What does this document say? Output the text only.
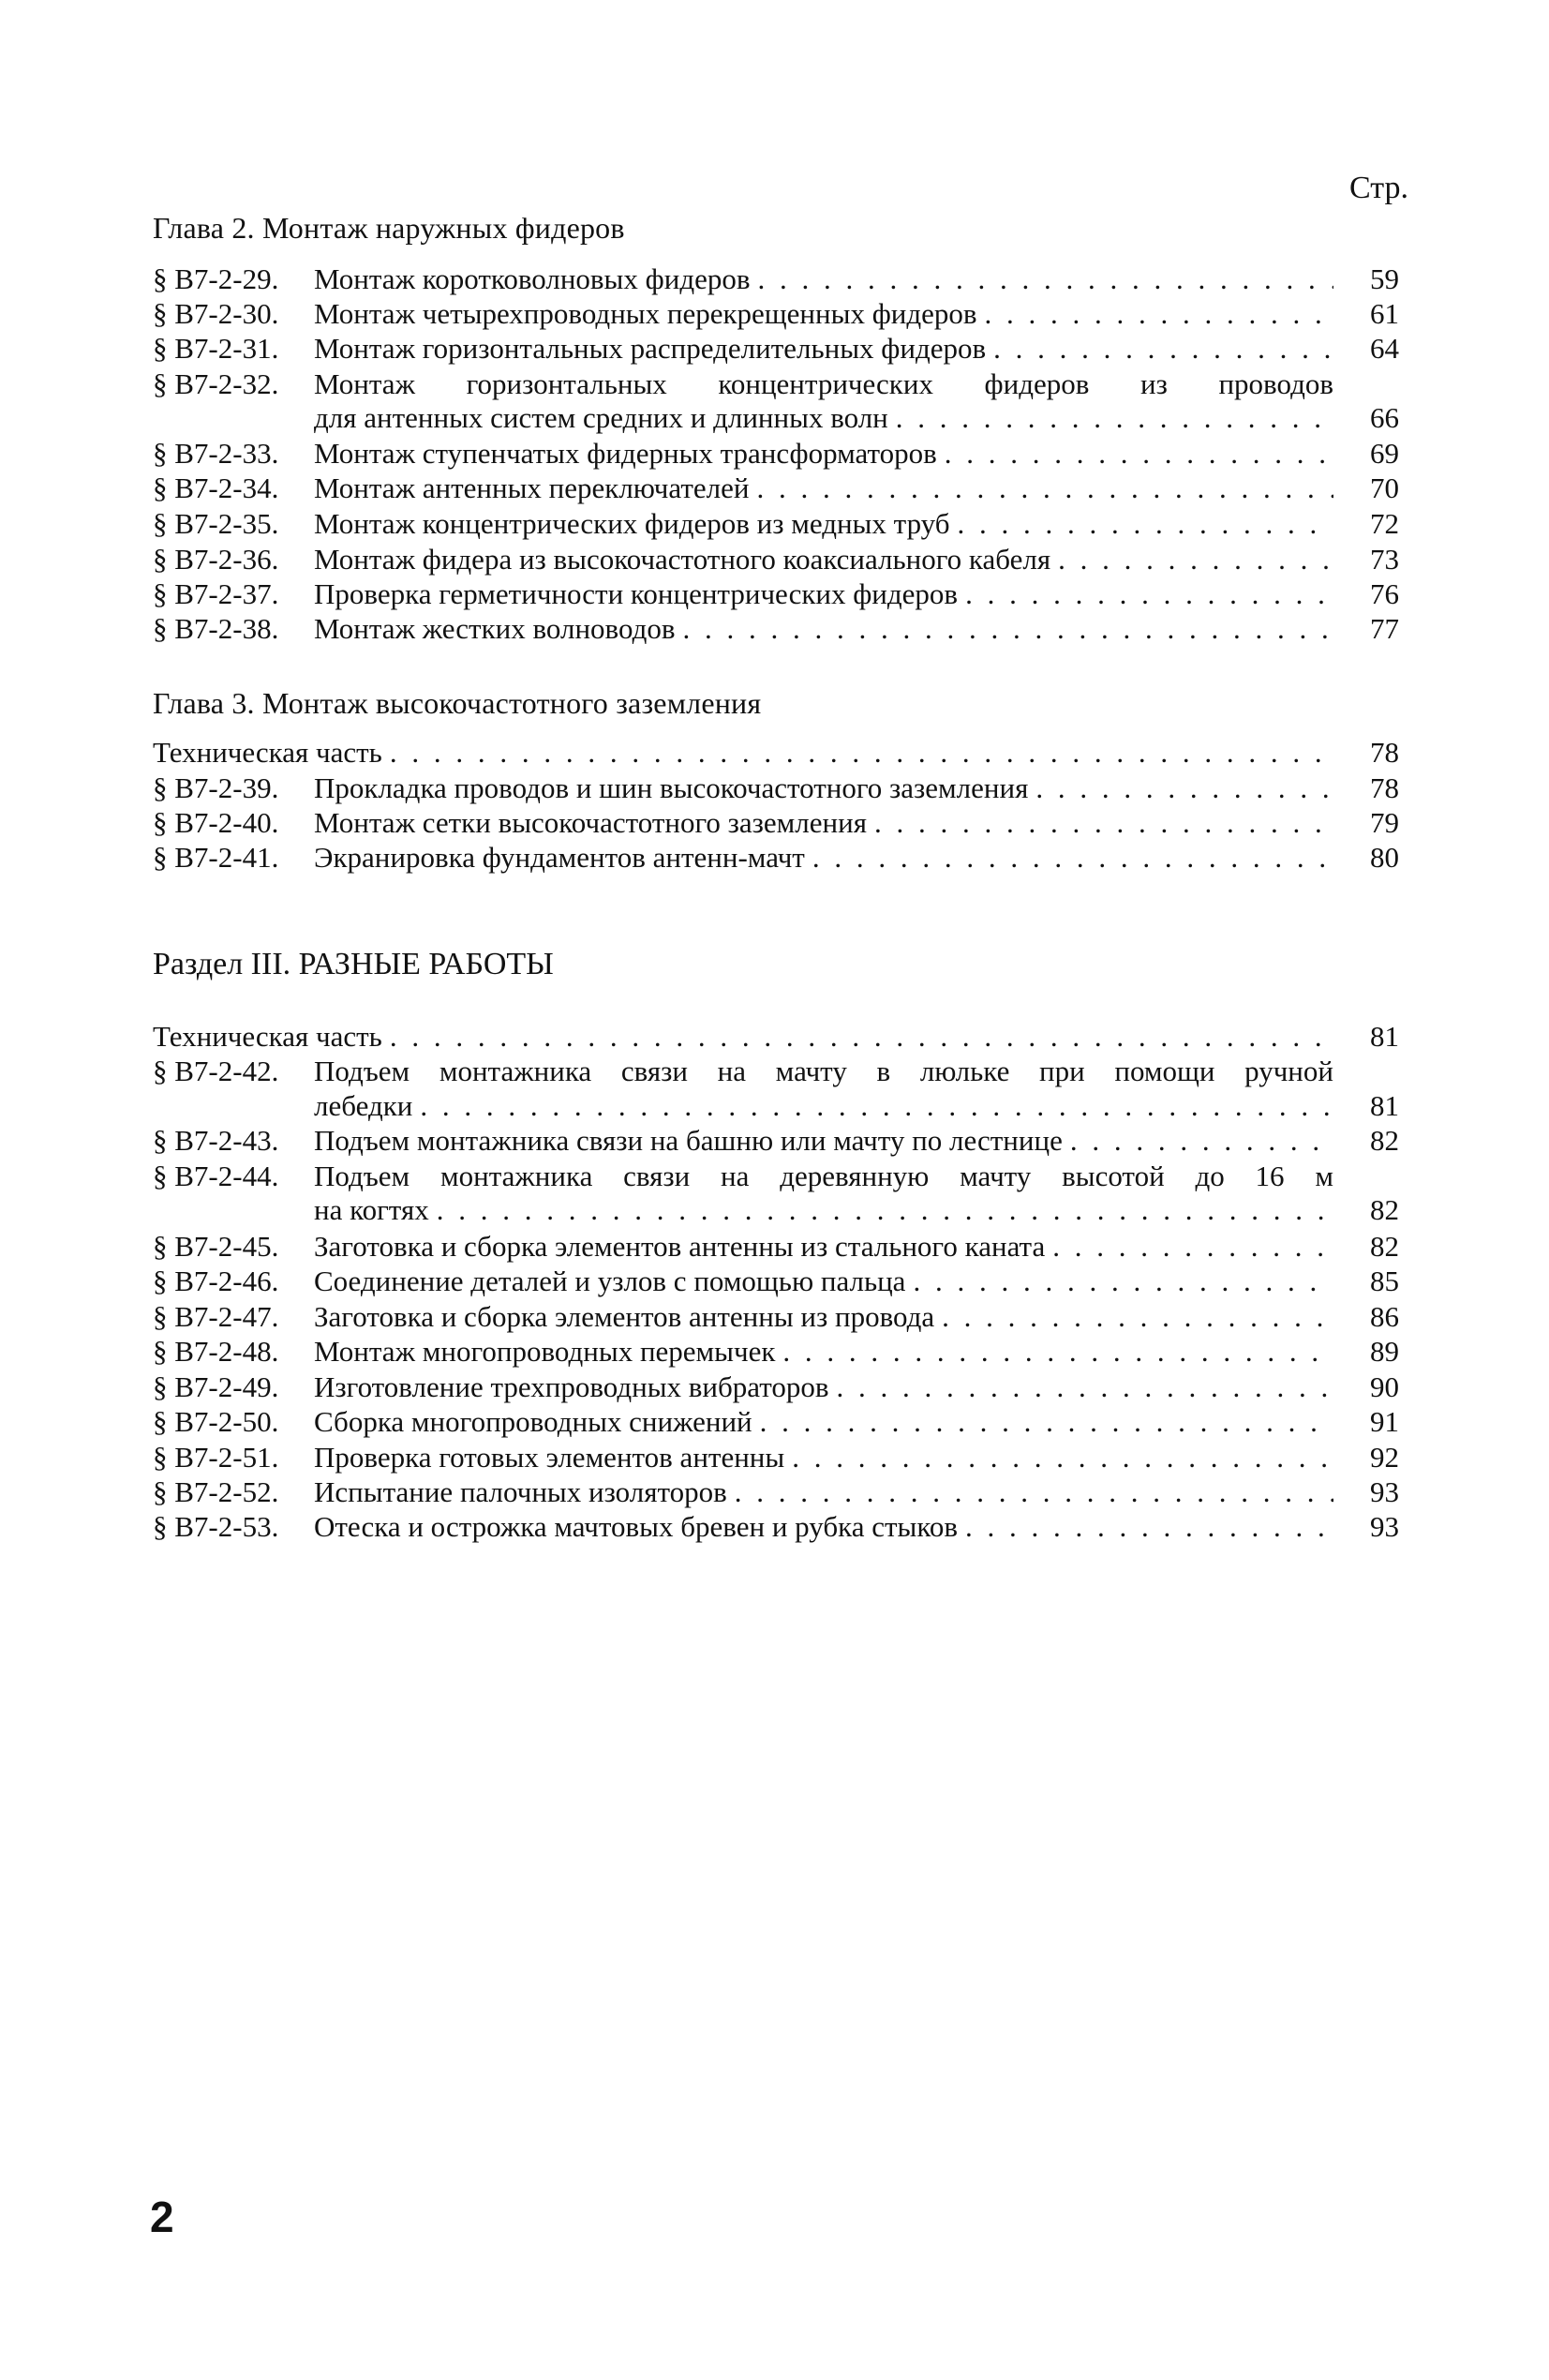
Стр.
Глава 2. Монтаж наружных фидеров
§ В7-2-29. Монтаж коротковолновых фидеров . . .	59
§ В7-2-30. Монтаж четырехпроводных перекрещенных фидеров . . .	61
§ В7-2-31. Монтаж горизонтальных распределительных фидеров . . .	64
§ В7-2-32. Монтаж горизонтальных концентрических фидеров из проводов
для антенных систем средних и длинных волн . . .	66
§ В7-2-33. Монтаж ступенчатых фидерных трансформаторов . . .	69
§ В7-2-34. Монтаж антенных переключателей . . .	70
§ В7-2-35. Монтаж концентрических фидеров из медных труб . . .	72
§ В7-2-36. Монтаж фидера из высокочастотного коаксиального кабеля . . .	73
§ В7-2-37. Проверка герметичности концентрических фидеров . . .	76
§ В7-2-38. Монтаж жестких волноводов . . .	77
Глава 3. Монтаж высокочастотного заземления
Техническая часть . . .	78
§ В7-2-39. Прокладка проводов и шин высокочастотного заземления . . .	78
§ В7-2-40. Монтаж сетки высокочастотного заземления . . .	79
§ В7-2-41. Экранировка фундаментов антенн-мачт . . .	80
Раздел III. РАЗНЫЕ РАБОТЫ
Техническая часть . . .	81
§ В7-2-42. Подъем монтажника связи на мачту в люльке при помощи ручной
лебедки . . .	81
§ В7-2-43. Подъем монтажника связи на башню или мачту по лестнице . . .	82
§ В7-2-44. Подъем монтажника связи на деревянную мачту высотой до 16 м
на когтях . . .	82
§ В7-2-45. Заготовка и сборка элементов антенны из стального каната . . .	82
§ В7-2-46. Соединение деталей и узлов с помощью пальца . . .	85
§ В7-2-47. Заготовка и сборка элементов антенны из провода . . .	86
§ В7-2-48. Монтаж многопроводных перемычек . . .	89
§ В7-2-49. Изготовление трехпроводных вибраторов . . .	90
§ В7-2-50. Сборка многопроводных снижений . . .	91
§ В7-2-51. Проверка готовых элементов антенны . . .	92
§ В7-2-52. Испытание палочных изоляторов . . .	93
§ В7-2-53. Отеска и острожка мачтовых бревен и рубка стыков . . .	93
2
